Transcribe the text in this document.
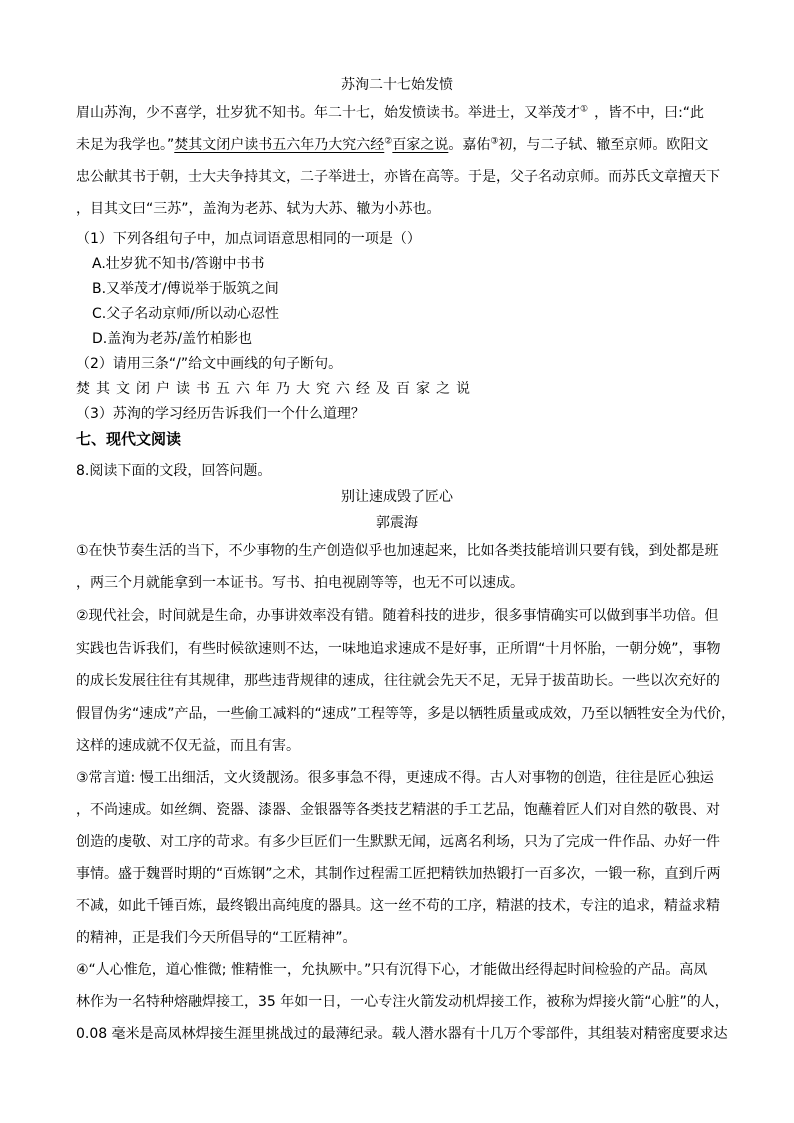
苏洵二十七始发愤
眉山苏洵，少不喜学，壮岁犹不知书。年二十七，始发愤读书。举进士，又举茂才① ，皆不中，曰:“此
未足为我学也。”焚其文闭户读书五六年乃大究六经②百家之说。嘉佑③初，与二子轼、辙至京师。欧阳文
忠公献其书于朝，士大夫争持其文，二子举进士，亦皆在高等。于是，父子名动京师。而苏氏文章擅天下
，目其文曰“三苏”，盖洵为老苏、轼为大苏、辙为小苏也。
（1）下列各组句子中，加点词语意思相同的一项是（）
A.壮岁犹不知书/答谢中书书
B.又举茂才/傅说举于版筑之间
C.父子名动京师/所以动心忍性
D.盖洵为老苏/盖竹柏影也
（2）请用三条“/”给文中画线的句子断句。
焚其文闭户读书五六年乃大究六经及百家之说
（3）苏洵的学习经历告诉我们一个什么道理？
七、现代文阅读
8.阅读下面的文段，回答问题。
别让速成毁了匠心
郭震海
①在快节奏生活的当下，不少事物的生产创造似乎也加速起来，比如各类技能培训只要有钱，到处都是班
，两三个月就能拿到一本证书。写书、拍电视剧等等，也无不可以速成。
②现代社会，时间就是生命，办事讲效率没有错。随着科技的进步，很多事情确实可以做到事半功倍。但
实践也告诉我们，有些时候欲速则不达，一味地追求速成不是好事，正所谓“十月怀胎，一朝分娩”，事物
的成长发展往往有其规律，那些违背规律的速成，往往就会先天不足，无异于拔苗助长。一些以次充好的
假冒伪劣“速成”产品，一些偷工减料的“速成”工程等等，多是以牺牲质量或成效，乃至以牺牲安全为代价，
这样的速成就不仅无益，而且有害。
③常言道: 慢工出细活，文火烫靓汤。很多事急不得，更速成不得。古人对事物的创造，往往是匠心独运
，不尚速成。如丝绸、瓷器、漆器、金银器等各类技艺精湛的手工艺品，饱蘸着匠人们对自然的敬畏、对
创造的虔敬、对工序的苛求。有多少巨匠们一生默默无闻，远离名利场，只为了完成一件作品、办好一件
事情。盛于魏晋时期的“百炼钢”之术，其制作过程需工匠把精铁加热锻打一百多次，一锻一称，直到斤两
不减，如此千锤百炼，最终锻出高纯度的器具。这一丝不苟的工序，精湛的技术，专注的追求，精益求精
的精神，正是我们今天所倡导的“工匠精神”。
④“人心惟危，道心惟微; 惟精惟一，允执厥中。”只有沉得下心，才能做出经得起时间检验的产品。高凤
林作为一名特种熔融焊接工，35 年如一日，一心专注火箭发动机焊接工作，被称为焊接火箭“心脏”的人，
0.08 毫米是高凤林焊接生涯里挑战过的最薄纪录。载人潜水器有十几万个零部件，其组装对精密度要求达
